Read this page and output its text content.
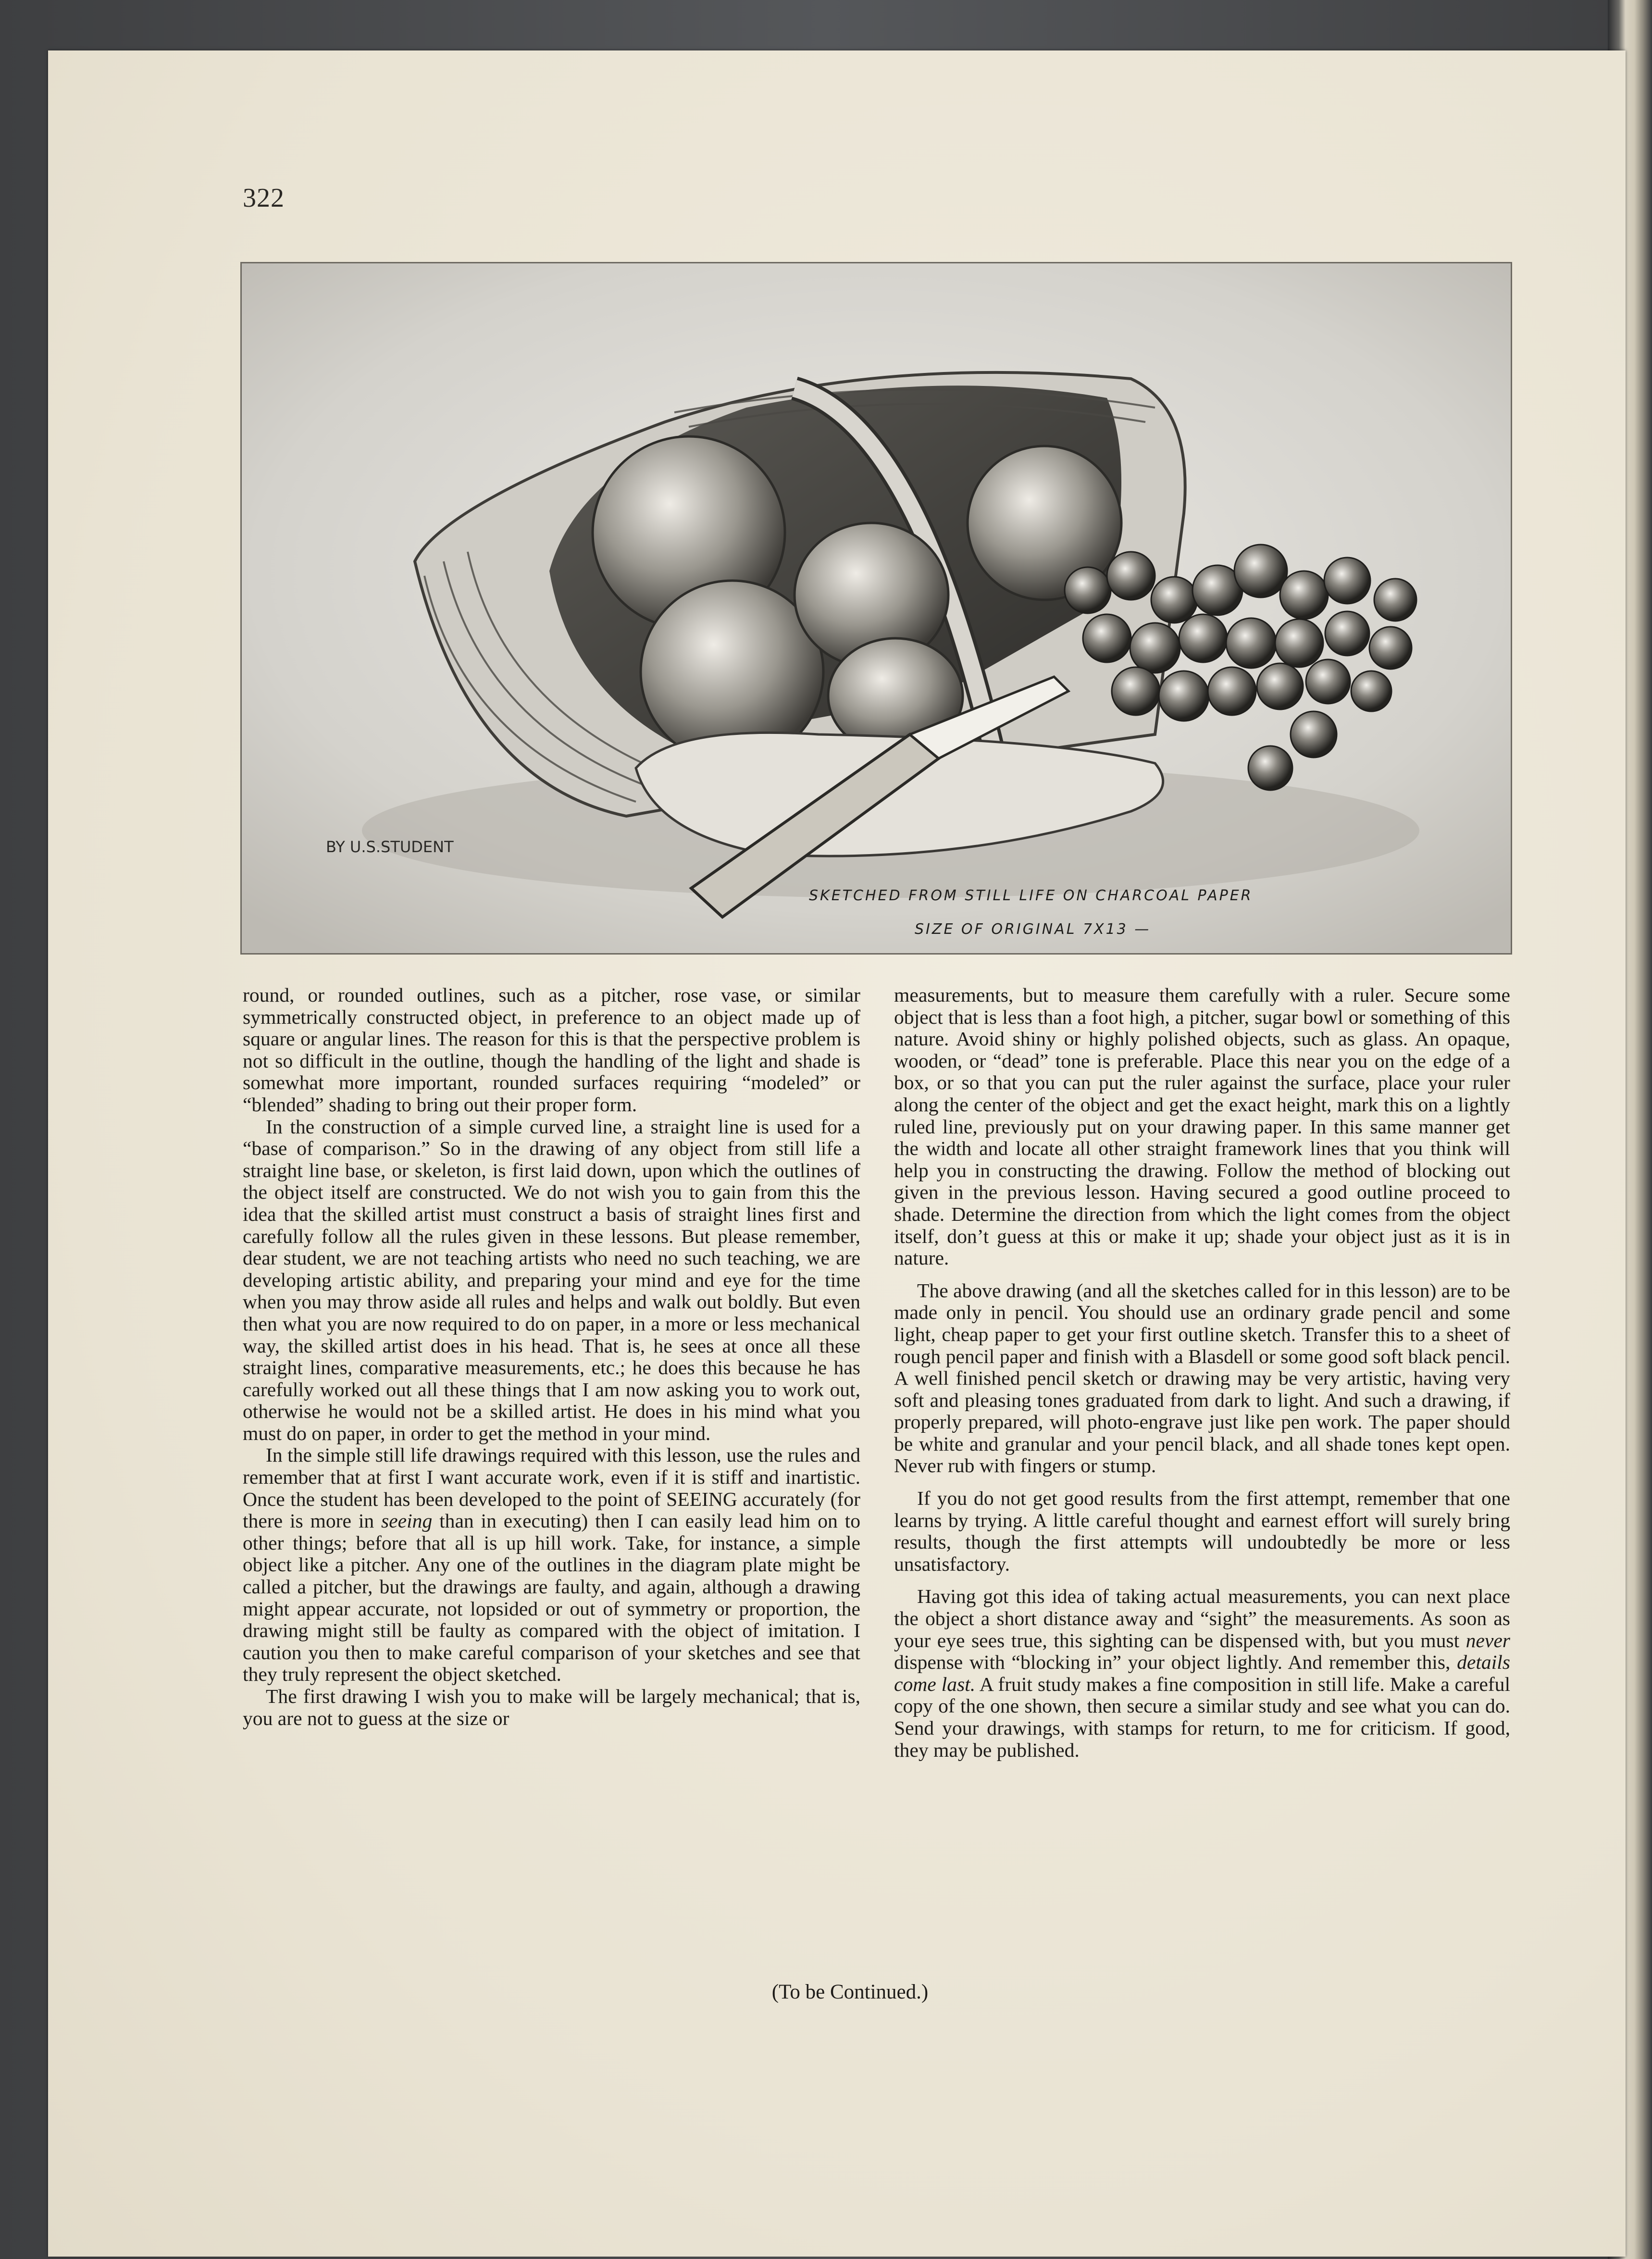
322
BY U.S.STUDENT
SKETCHED FROM STILL LIFE ON CHARCOAL PAPER
SIZE OF ORIGINAL 7X13 —

round, or rounded outlines, such as a pitcher, rose vase, or similar symmetrically constructed object, in preference to an object made up of square or angular lines. The reason for this is that the perspective problem is not so difficult in the outline, though the handling of the light and shade is somewhat more important, rounded surfaces requiring “modeled” or “blended” shading to bring out their proper form.

In the construction of a simple curved line, a straight line is used for a “base of comparison.” So in the drawing of any object from still life a straight line base, or skeleton, is first laid down, upon which the outlines of the object itself are constructed. We do not wish you to gain from this the idea that the skilled artist must construct a basis of straight lines first and carefully follow all the rules given in these lessons. But please remember, dear student, we are not teaching artists who need no such teaching, we are developing artistic ability, and preparing your mind and eye for the time when you may throw aside all rules and helps and walk out boldly. But even then what you are now required to do on paper, in a more or less mechanical way, the skilled artist does in his head. That is, he sees at once all these straight lines, comparative measurements, etc.; he does this because he has carefully worked out all these things that I am now asking you to work out, otherwise he would not be a skilled artist. He does in his mind what you must do on paper, in order to get the method in your mind.

In the simple still life drawings required with this lesson, use the rules and remember that at first I want accurate work, even if it is stiff and inartistic. Once the student has been developed to the point of SEEING accurately (for there is more in seeing than in executing) then I can easily lead him on to other things; before that all is up hill work. Take, for instance, a simple object like a pitcher. Any one of the outlines in the diagram plate might be called a pitcher, but the drawings are faulty, and again, although a drawing might appear accurate, not lopsided or out of symmetry or proportion, the drawing might still be faulty as compared with the object of imitation. I caution you then to make careful comparison of your sketches and see that they truly represent the object sketched.

The first drawing I wish you to make will be largely mechanical; that is, you are not to guess at the size or

measurements, but to measure them carefully with a ruler. Secure some object that is less than a foot high, a pitcher, sugar bowl or something of this nature. Avoid shiny or highly polished objects, such as glass. An opaque, wooden, or “dead” tone is preferable. Place this near you on the edge of a box, or so that you can put the ruler against the surface, place your ruler along the center of the object and get the exact height, mark this on a lightly ruled line, previously put on your drawing paper. In this same manner get the width and locate all other straight framework lines that you think will help you in constructing the drawing. Follow the method of blocking out given in the previous lesson. Having secured a good outline proceed to shade. Determine the direction from which the light comes from the object itself, don’t guess at this or make it up; shade your object just as it is in nature.

The above drawing (and all the sketches called for in this lesson) are to be made only in pencil. You should use an ordinary grade pencil and some light, cheap paper to get your first outline sketch. Transfer this to a sheet of rough pencil paper and finish with a Blasdell or some good soft black pencil. A well finished pencil sketch or drawing may be very artistic, having very soft and pleasing tones graduated from dark to light. And such a drawing, if properly prepared, will photo-engrave just like pen work. The paper should be white and granular and your pencil black, and all shade tones kept open. Never rub with fingers or stump.

If you do not get good results from the first attempt, remember that one learns by trying. A little careful thought and earnest effort will surely bring results, though the first attempts will undoubtedly be more or less unsatisfactory.

Having got this idea of taking actual measurements, you can next place the object a short distance away and “sight” the measurements. As soon as your eye sees true, this sighting can be dispensed with, but you must never dispense with “blocking in” your object lightly. And remember this, details come last. A fruit study makes a fine composition in still life. Make a careful copy of the one shown, then secure a similar study and see what you can do. Send your drawings, with stamps for return, to me for criticism. If good, they may be published.

(To be Continued.)
